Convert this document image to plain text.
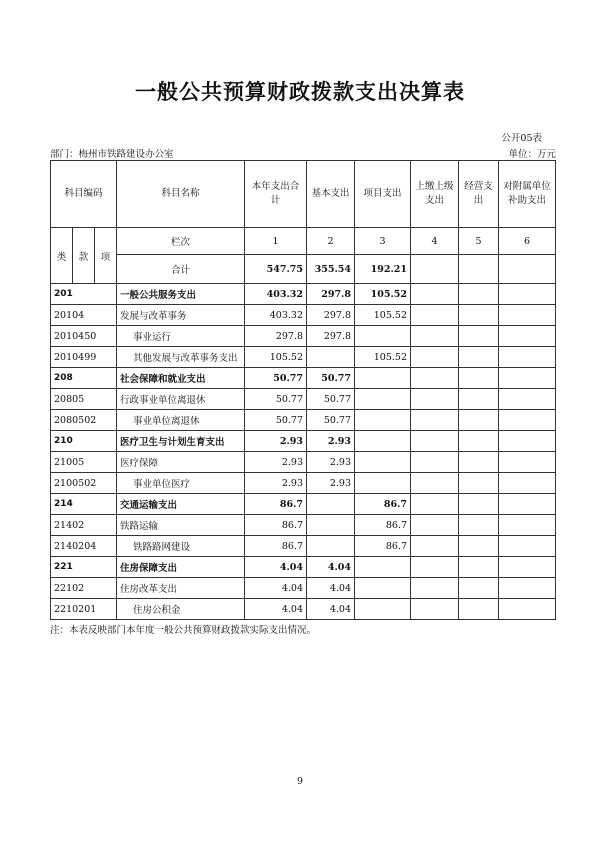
一般公共预算财政拨款支出决算表
公开05表
部门：梅州市铁路建设办公室	单位：万元
科目编码			科目名称	本年支出合计	基本支出	项目支出	上缴上级支出	经营支出	对附属单位补助支出
类	款	项	栏次	1	2	3	4	5	6
			合计	547.75	355.54	192.21			
201			一般公共服务支出	403.32	297.8	105.52			
20104			发展与改革事务	403.32	297.8	105.52			
2010450			事业运行	297.8	297.8				
2010499			其他发展与改革事务支出	105.52		105.52			
208			社会保障和就业支出	50.77	50.77				
20805			行政事业单位离退休	50.77	50.77				
2080502			事业单位离退休	50.77	50.77				
210			医疗卫生与计划生育支出	2.93	2.93				
21005			医疗保障	2.93	2.93				
2100502			事业单位医疗	2.93	2.93				
214			交通运输支出	86.7		86.7			
21402			铁路运输	86.7		86.7			
2140204			铁路路网建设	86.7		86.7			
221			住房保障支出	4.04	4.04				
22102			住房改革支出	4.04	4.04				
2210201			住房公积金	4.04	4.04				
注：本表反映部门本年度一般公共预算财政拨款实际支出情况。
9
